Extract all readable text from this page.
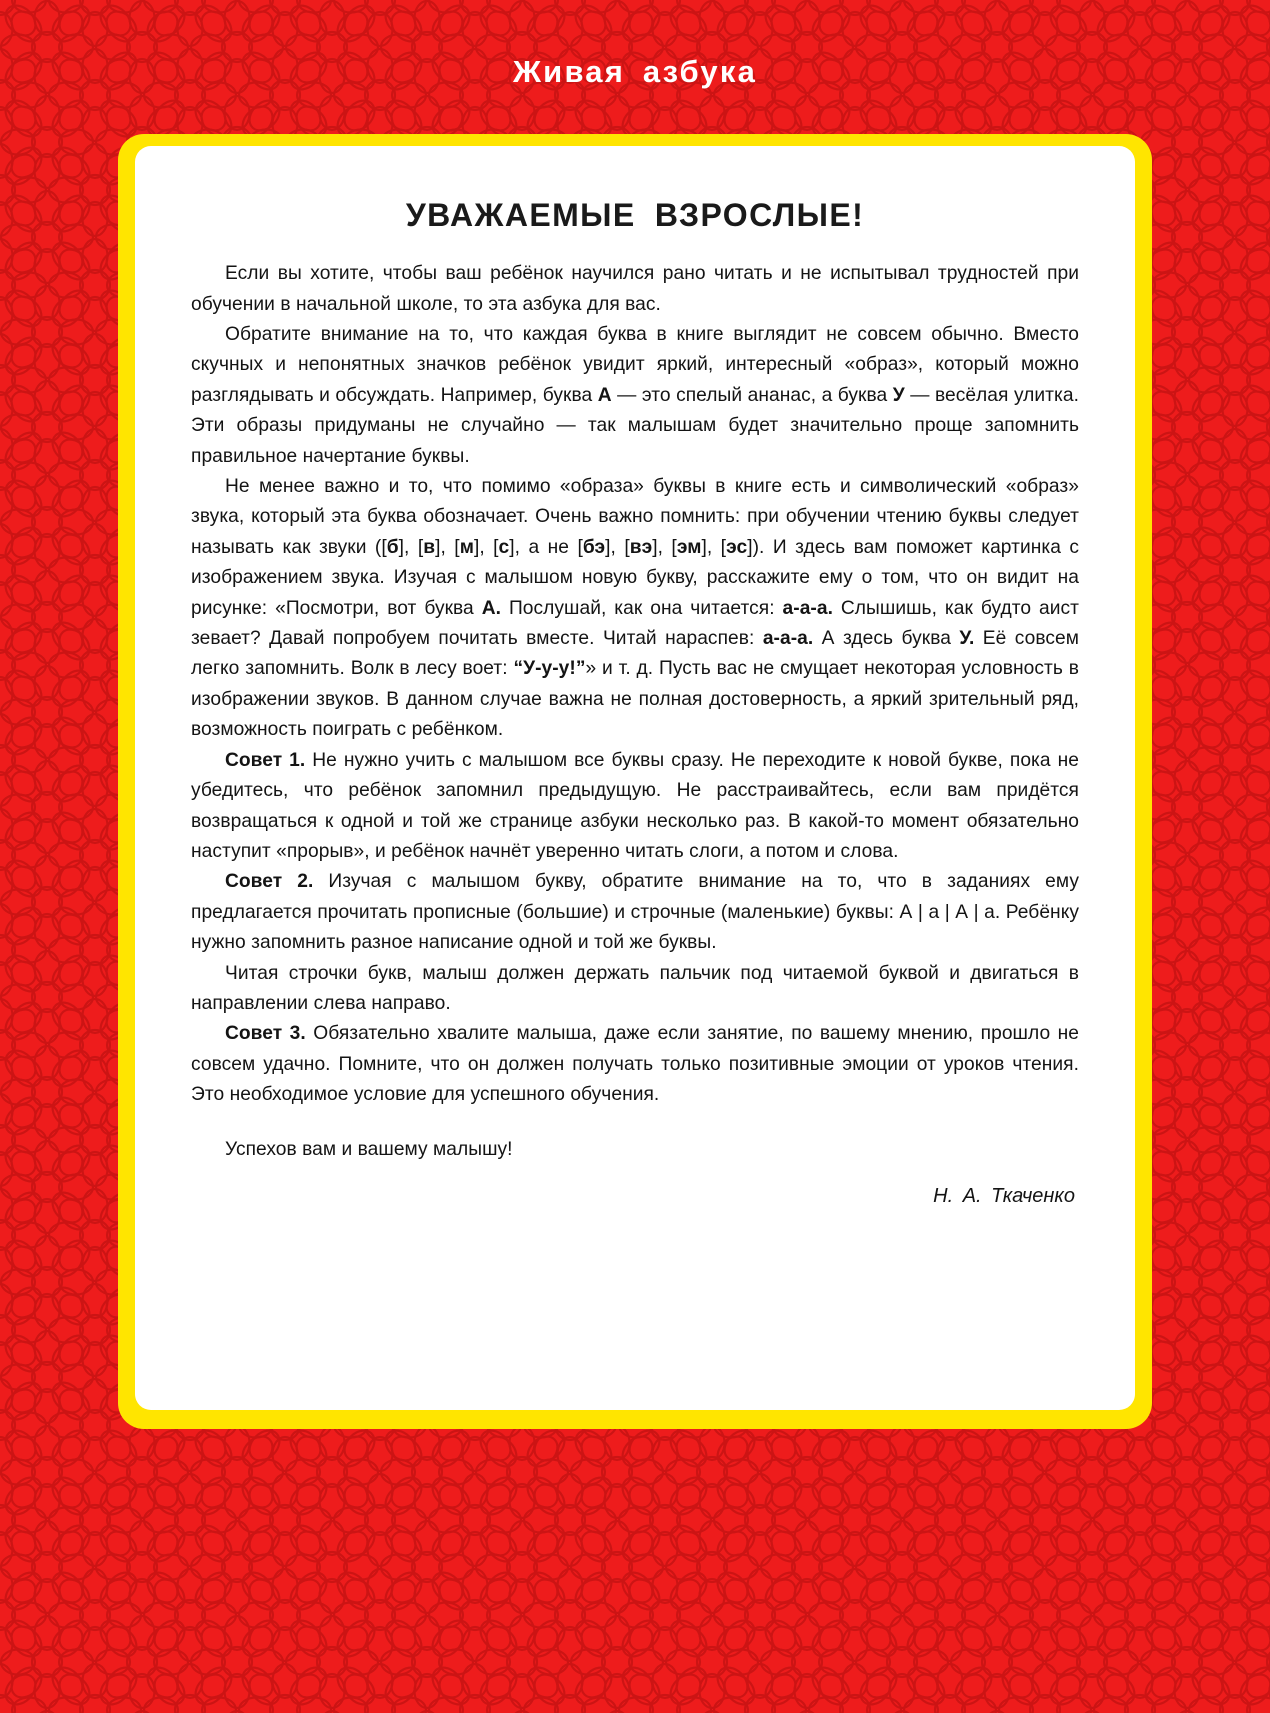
Живая азбука
УВАЖАЕМЫЕ ВЗРОСЛЫЕ!

Если вы хотите, чтобы ваш ребёнок научился рано читать и не испытывал трудностей при обучении в начальной школе, то эта азбука для вас.

Обратите внимание на то, что каждая буква в книге выглядит не совсем обычно. Вместо скучных и непонятных значков ребёнок увидит яркий, интересный «образ», который можно разглядывать и обсуждать. Например, буква А — это спелый ананас, а буква У — весёлая улитка. Эти образы придуманы не случайно — так малышам будет значительно проще запомнить правильное начертание буквы.

Не менее важно и то, что помимо «образа» буквы в книге есть и символический «образ» звука, который эта буква обозначает. Очень важно помнить: при обучении чтению буквы следует называть как звуки ([б], [в], [м], [с], а не [бэ], [вэ], [эм], [эс]). И здесь вам поможет картинка с изображением звука. Изучая с малышом новую букву, расскажите ему о том, что он видит на рисунке: «Посмотри, вот буква А. Послушай, как она читается: а-а-а. Слышишь, как будто аист зевает? Давай попробуем почитать вместе. Читай нараспев: а-а-а. А здесь буква У. Её совсем легко запомнить. Волк в лесу воет: “У-у-у!”» и т. д. Пусть вас не смущает некоторая условность в изображении звуков. В данном случае важна не полная достоверность, а яркий зрительный ряд, возможность поиграть с ребёнком.

Совет 1. Не нужно учить с малышом все буквы сразу. Не переходите к новой букве, пока не убедитесь, что ребёнок запомнил предыдущую. Не расстраивайтесь, если вам придётся возвращаться к одной и той же странице азбуки несколько раз. В какой-то момент обязательно наступит «прорыв», и ребёнок начнёт уверенно читать слоги, а потом и слова.

Совет 2. Изучая с малышом букву, обратите внимание на то, что в заданиях ему предлагается прочитать прописные (большие) и строчные (маленькие) буквы: А | а | А | а. Ребёнку нужно запомнить разное написание одной и той же буквы.

Читая строчки букв, малыш должен держать пальчик под читаемой буквой и двигаться в направлении слева направо.

Совет 3. Обязательно хвалите малыша, даже если занятие, по вашему мнению, прошло не совсем удачно. Помните, что он должен получать только позитивные эмоции от уроков чтения. Это необходимое условие для успешного обучения.

Успехов вам и вашему малышу!

Н. А. Ткаченко
